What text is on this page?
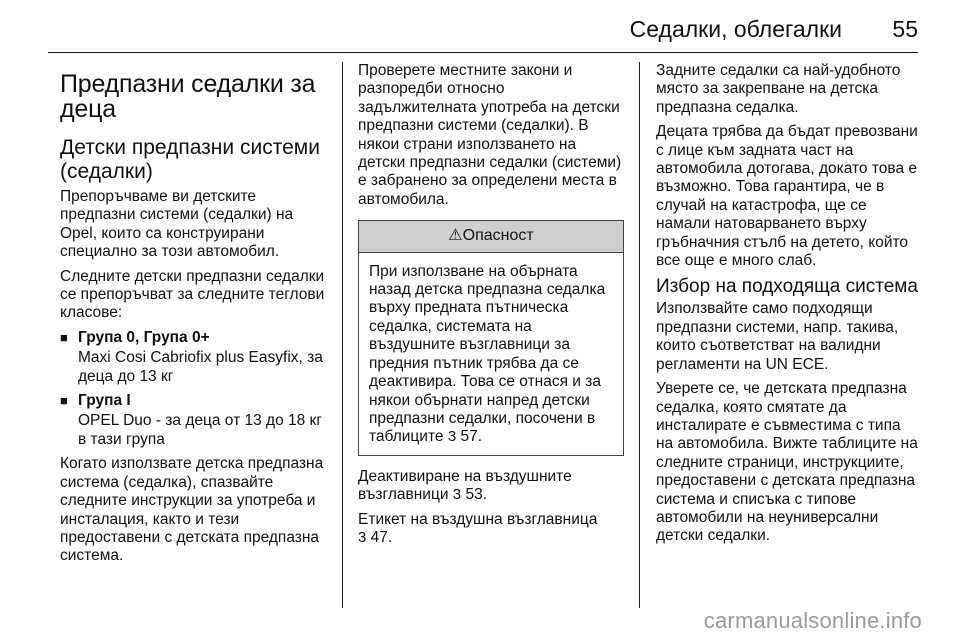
Седалки, облегалки 55
Предпазни седалки за деца
Детски предпазни системи (седалки)

Препоръчваме ви детските предпазни системи (седалки) на Opel, които са конструирани специално за този автомобил.

Следните детски предпазни седалки се препоръчват за следните теглови класове:

■ Група 0, Група 0+
Maxi Cosi Cabriofix plus Easyfix, за деца до 13 кг
■ Група I
OPEL Duo - за деца от 13 до 18 кг в тази група

Когато използвате детска предпазна система (седалка), спазвайте следните инструкции за употреба и инсталация, както и тези предоставени с детската предпазна система.

Проверете местните закони и разпоредби относно задължителната употреба на детски предпазни системи (седалки). В някои страни използването на детски предпазни седалки (системи) е забранено за определени места в автомобила.

⚠Опасност
При използване на обърната назад детска предпазна седалка върху предната пътническа седалка, системата на въздушните възглавници за предния пътник трябва да се деактивира. Това се отнася и за някои обърнати напред детски предпазни седалки, посочени в таблиците 3 57.

Деактивиране на въздушните възглавници 3 53.

Етикет на въздушна възглавница
3 47.

Задните седалки са най-удобното място за закрепване на детска предпазна седалка.

Децата трябва да бъдат превозвани с лице към задната част на автомобила дотогава, докато това е възможно. Това гарантира, че в случай на катастрофа, ще се намали натоварването върху гръбначния стълб на детето, който все още е много слаб.

Избор на подходяща система

Използвайте само подходящи предпазни системи, напр. такива, които съответстват на валидни регламенти на UN ECE.

Уверете се, че детската предпазна седалка, която смятате да инсталирате е съвместима с типа на автомобила. Вижте таблиците на следните страници, инструкциите, предоставени с детската предпазна система и списъка с типове автомобили на неуниверсални детски седалки.

carmanualsonline.info
